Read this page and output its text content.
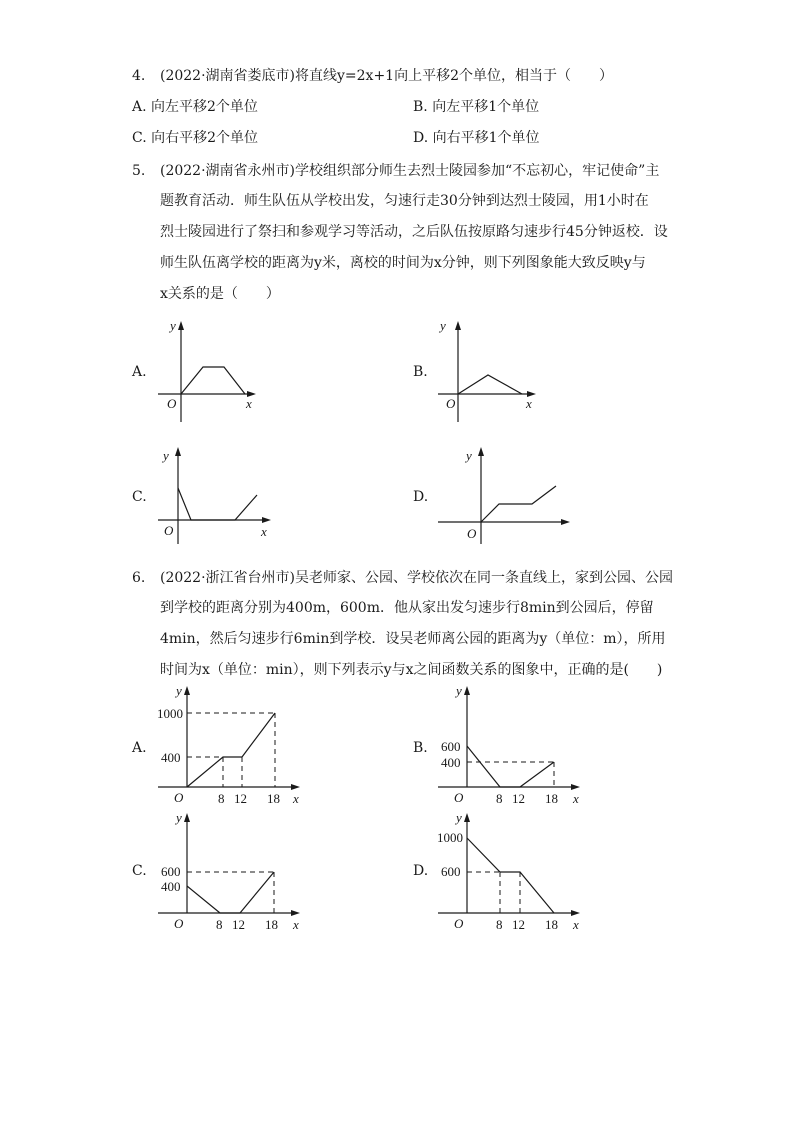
4. (2022·湖南省娄底市)将直线y=2x+1向上平移2个单位，相当于（　　）
A. 向左平移2个单位	B. 向左平移1个单位
C. 向右平移2个单位	D. 向右平移1个单位
5. (2022·湖南省永州市)学校组织部分师生去烈士陵园参加“不忘初心，牢记使命”主
题教育活动．师生队伍从学校出发，匀速行走30分钟到达烈士陵园，用1小时在
烈士陵园进行了祭扫和参观学习等活动，之后队伍按原路匀速步行45分钟返校．设
师生队伍离学校的距离为y米，离校的时间为x分钟，则下列图象能大致反映y与
x关系的是（　　）
A.	B.
C.	D.
y
O	x
y
O	x
y
O	x
y
O
6. (2022·浙江省台州市)吴老师家、公园、学校依次在同一条直线上，家到公园、公园
到学校的距离分别为400m，600m．他从家出发匀速步行8min到公园后，停留
4min，然后匀速步行6min到学校．设吴老师离公园的距离为y（单位：m），所用
时间为x（单位：min），则下列表示y与x之间函数关系的图象中，正确的是(　　)
A.	B.
C.	D.
y
1000
400
O	8 12 18 x
y
600
400
O	8 12 18 x
y
600
400
O	8 12 18 x
y
1000
600
O	8 12 18 x
